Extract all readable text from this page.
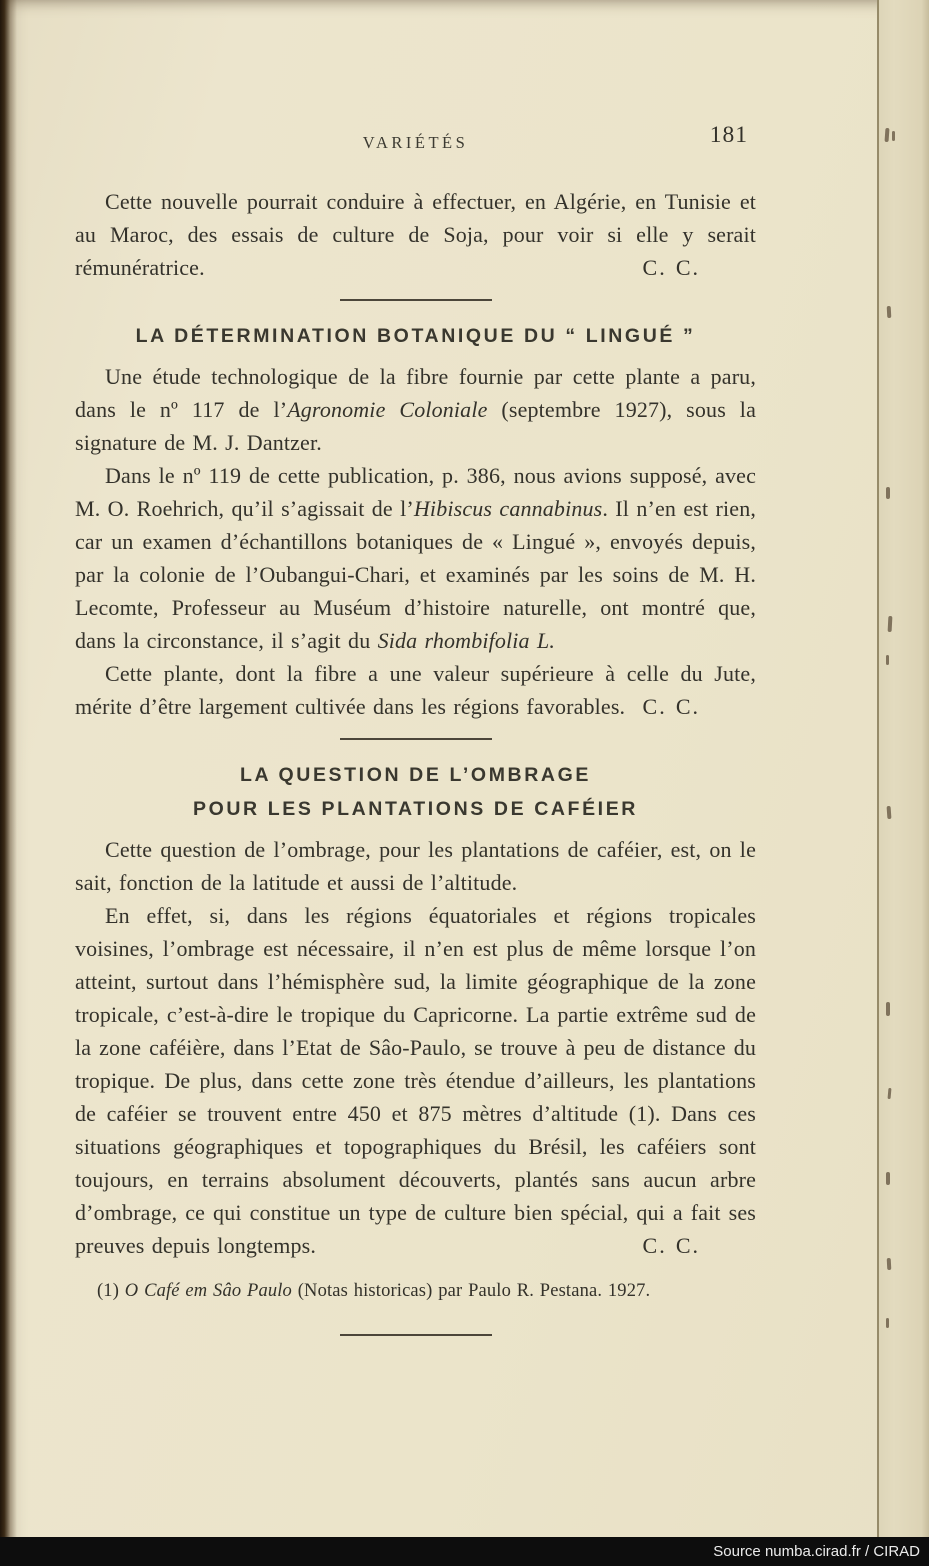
VARIÉTÉS	181

Cette nouvelle pourrait conduire à effectuer, en Algérie, en Tunisie et au Maroc, des essais de culture de Soja, pour voir si elle y serait rémunératrice.	C. C.

LA DÉTERMINATION BOTANIQUE DU “ LINGUÉ ”

Une étude technologique de la fibre fournie par cette plante a paru, dans le nº 117 de l’Agronomie Coloniale (septembre 1927), sous la signature de M. J. Dantzer.

Dans le nº 119 de cette publication, p. 386, nous avions supposé, avec M. O. Roehrich, qu’il s’agissait de l’Hibiscus cannabinus. Il n’en est rien, car un examen d’échantillons botaniques de « Lingué », envoyés depuis, par la colonie de l’Oubangui-Chari, et examinés par les soins de M. H. Lecomte, Professeur au Muséum d’histoire naturelle, ont montré que, dans la circonstance, il s’agit du Sida rhombifolia L.

Cette plante, dont la fibre a une valeur supérieure à celle du Jute, mérite d’être largement cultivée dans les régions favorables. C. C.

LA QUESTION DE L’OMBRAGE
POUR LES PLANTATIONS DE CAFÉIER

Cette question de l’ombrage, pour les plantations de caféier, est, on le sait, fonction de la latitude et aussi de l’altitude.

En effet, si, dans les régions équatoriales et régions tropicales voisines, l’ombrage est nécessaire, il n’en est plus de même lorsque l’on atteint, surtout dans l’hémisphère sud, la limite géographique de la zone tropicale, c’est-à-dire le tropique du Capricorne. La partie extrême sud de la zone caféière, dans l’Etat de Sâo-Paulo, se trouve à peu de distance du tropique. De plus, dans cette zone très étendue d’ailleurs, les plantations de caféier se trouvent entre 450 et 875 mètres d’altitude (1). Dans ces situations géographiques et topographiques du Brésil, les caféiers sont toujours, en terrains absolument découverts, plantés sans aucun arbre d’ombrage, ce qui constitue un type de culture bien spécial, qui a fait ses preuves depuis longtemps.	C. C.

(1) O Café em Sâo Paulo (Notas historicas) par Paulo R. Pestana. 1927.

Source numba.cirad.fr / CIRAD
